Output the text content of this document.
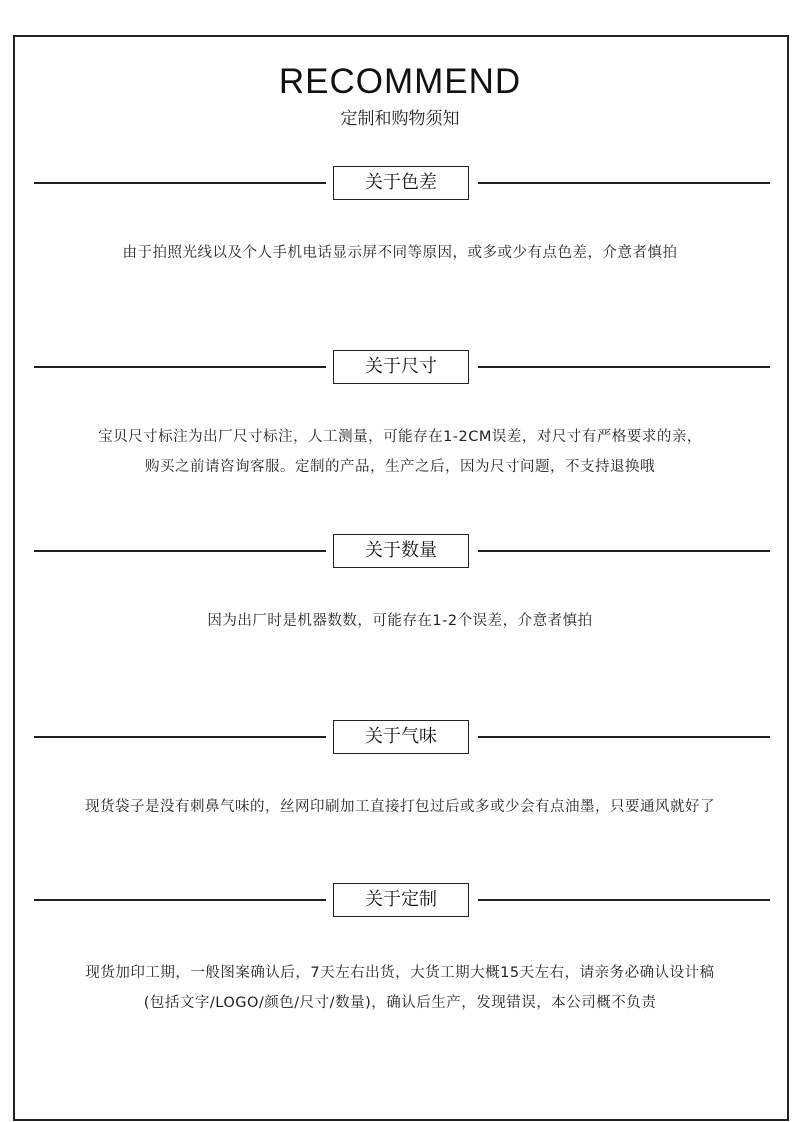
RECOMMEND
定制和购物须知
关于色差

由于拍照光线以及个人手机电话显示屏不同等原因，或多或少有点色差，介意者慎拍

关于尺寸

宝贝尺寸标注为出厂尺寸标注，人工测量，可能存在1-2CM误差，对尺寸有严格要求的亲，

购买之前请咨询客服。定制的产品，生产之后，因为尺寸问题，不支持退换哦

关于数量

因为出厂时是机器数数，可能存在1-2个误差，介意者慎拍

关于气味

现货袋子是没有刺鼻气味的，丝网印刷加工直接打包过后或多或少会有点油墨，只要通风就好了

关于定制

现货加印工期，一般图案确认后，7天左右出货，大货工期大概15天左右，请亲务必确认设计稿

(包括文字/LOGO/颜色/尺寸/数量)，确认后生产，发现错误，本公司概不负责
